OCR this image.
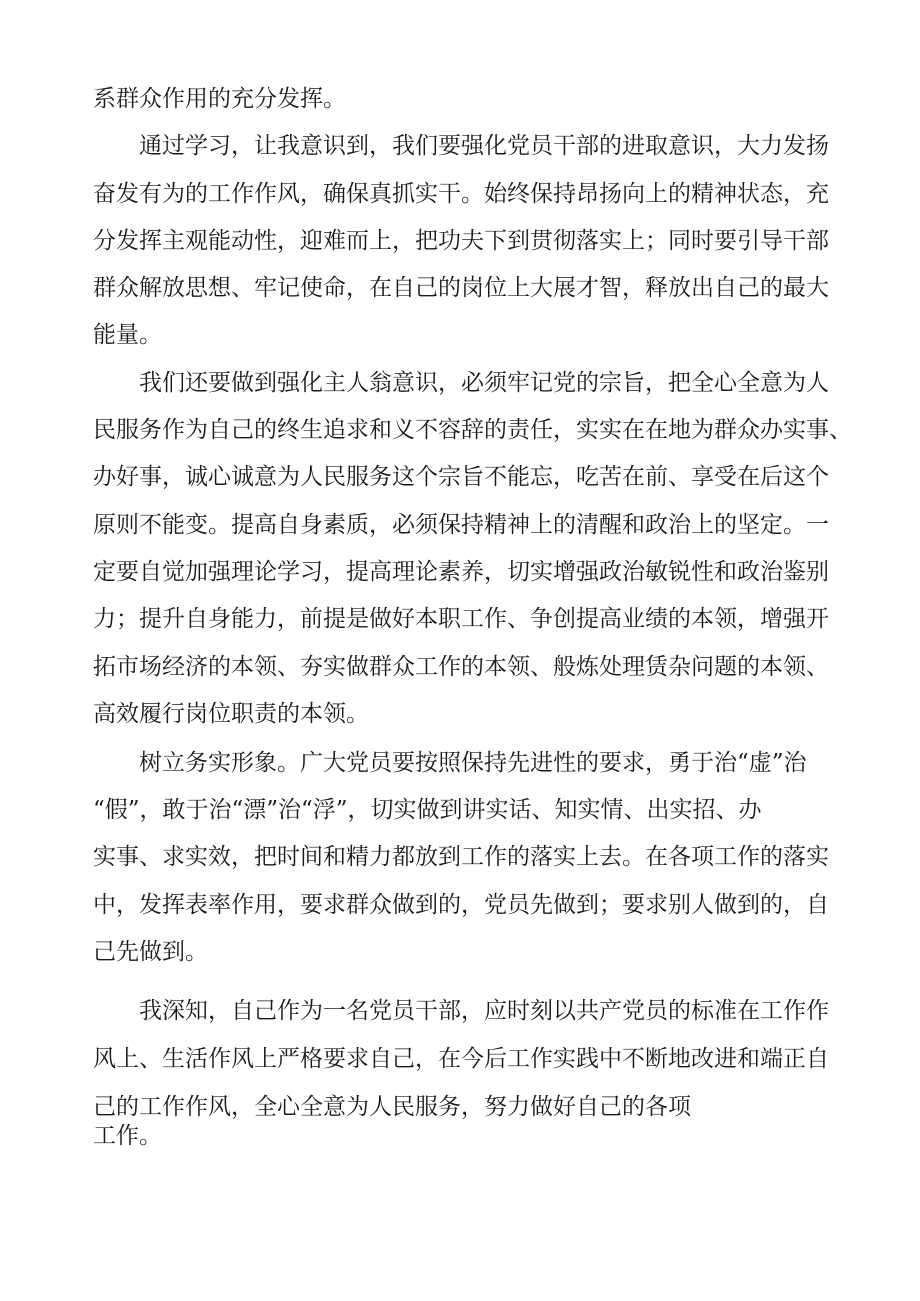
系群众作用的充分发挥。

通过学习，让我意识到，我们要强化党员干部的进取意识，大力发扬

奋发有为的工作作风，确保真抓实干。始终保持昂扬向上的精神状态，充

分发挥主观能动性，迎难而上，把功夫下到贯彻落实上；同时要引导干部

群众解放思想、牢记使命，在自己的岗位上大展才智，释放出自己的最大

能量。

我们还要做到强化主人翁意识，必须牢记党的宗旨，把全心全意为人

民服务作为自己的终生追求和义不容辞的责任，实实在在地为群众办实事、

办好事，诚心诚意为人民服务这个宗旨不能忘，吃苦在前、享受在后这个

原则不能变。提高自身素质，必须保持精神上的清醒和政治上的坚定。一

定要自觉加强理论学习，提高理论素养，切实增强政治敏锐性和政治鉴别

力；提升自身能力，前提是做好本职工作、争创提高业绩的本领，增强开

拓市场经济的本领、夯实做群众工作的本领、般炼处理赁杂问题的本领、

高效履行岗位职责的本领。

树立务实形象。广大党员要按照保持先进性的要求，勇于治“虚”治

“假”，敢于治“漂”治“浮”，切实做到讲实话、知实情、出实招、办

实事、求实效，把时间和精力都放到工作的落实上去。在各项工作的落实

中，发挥表率作用，要求群众做到的，党员先做到；要求别人做到的，自

己先做到。

我深知，自己作为一名党员干部，应时刻以共产党员的标准在工作作

风上、生活作风上严格要求自己，在今后工作实践中不断地改进和端正自

己的工作作风，全心全意为人民服务，努力做好自己的各项

工作。
